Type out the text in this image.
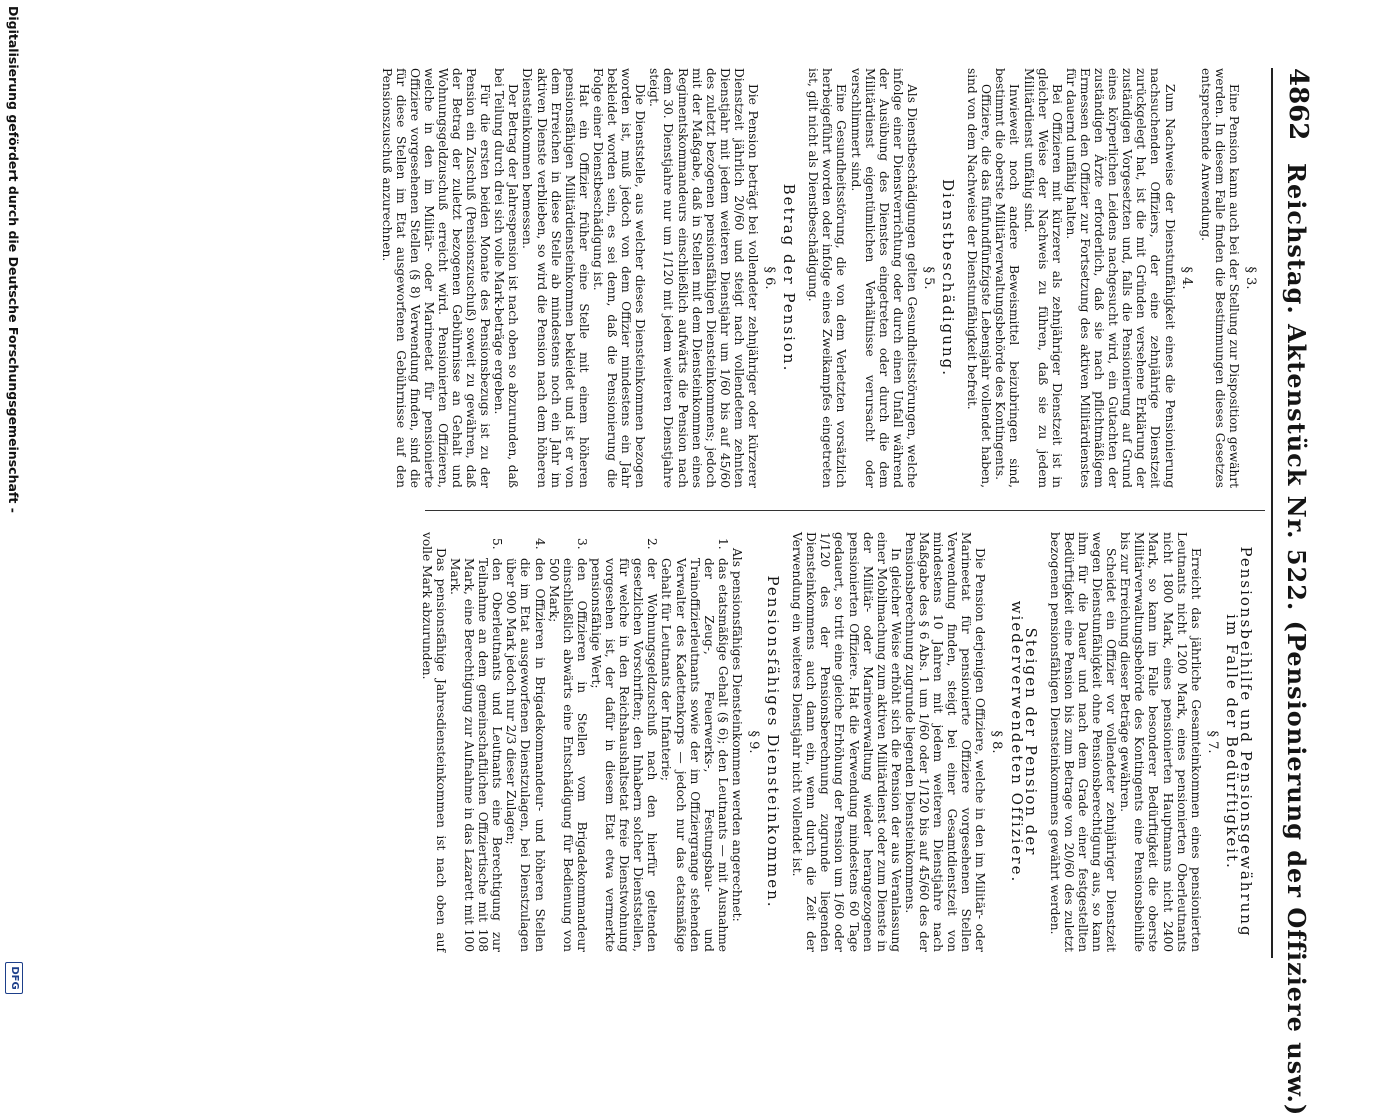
4862
Reichstag. Aktenstück Nr. 522. (Pensionierung der Offiziere usw.)
§ 3.

Eine Pension kann auch bei der Stellung zur Disposition gewährt werden. In diesem Falle finden die Bestimmungen dieses Gesetzes entsprechende Anwendung.

§ 4.

Zum Nachweise der Dienstunfähigkeit eines die Pensionierung nachsuchenden Offiziers, der eine zehnjährige Dienstzeit zurückgelegt hat, ist die mit Gründen versehene Erklärung der zuständigen Vorgesetzten und, falls die Pensionierung auf Grund eines körperlichen Leidens nachgesucht wird, ein Gutachten der zuständigen Ärzte erforderlich, daß sie nach pflichtmäßigem Ermessen den Offizier zur Fortsetzung des aktiven Militärdienstes für dauernd unfähig halten.

Bei Offizieren mit kürzerer als zehnjähriger Dienstzeit ist in gleicher Weise der Nachweis zu führen, daß sie zu jedem Militärdienst unfähig sind.

Inwieweit noch andere Beweismittel beizubringen sind, bestimmt die oberste Militärverwaltungsbehörde des Kontingents.

Offiziere, die das fünfundfünfzigste Lebensjahr vollendet haben, sind von dem Nachweise der Dienstunfähigkeit befreit.

Dienstbeschädigung.
§ 5.

Als Dienstbeschädigungen gelten Gesundheitsstörungen, welche infolge einer Dienstverrichtung oder durch einen Unfall während der Ausübung des Dienstes eingetreten oder durch die dem Militärdienst eigentümlichen Verhältnisse verursacht oder verschlimmert sind.

Eine Gesundheitsstörung, die von dem Verletzten vorsätzlich herbeigeführt worden oder infolge eines Zweikampfes eingetreten ist, gilt nicht als Dienstbeschädigung.

Betrag der Pension.
§ 6.

Die Pension beträgt bei vollendeter zehnjähriger oder kürzerer Dienstzeit jährlich 20/60 und steigt nach vollendetem zehnten Dienstjahr mit jedem weiteren Dienstjahr um 1/60 bis auf 45/60 des zuletzt bezogenen pensionsfähigen Diensteinkommens; jedoch mit der Maßgabe, daß in Stellen mit dem Diensteinkommen eines Regimentskommandeurs einschließlich aufwärts die Pension nach dem 30. Dienstjahre nur um 1/120 mit jedem weiteren Dienstjahre steigt.

Die Dienststelle, aus welcher dieses Diensteinkommen bezogen worden ist, muß jedoch von dem Offizier mindestens ein Jahr bekleidet worden sein, es sei denn, daß die Pensionierung die Folge einer Dienstbeschädigung ist.

Hat ein Offizier früher eine Stelle mit einem höheren pensionsfähigen Militärdiensteinkommen bekleidet und ist er von dem Erreichen in diese Stelle ab mindestens noch ein Jahr im aktiven Dienste verblieben, so wird die Pension nach dem höheren Diensteinkommen bemessen.

Der Betrag der Jahrespension ist nach oben so abzurunden, daß bei Teilung durch drei sich volle Mark-beträge ergeben.

Für die ersten beiden Monate des Pensionsbezugs ist zu der Pension ein Zuschuß (Pensionszuschuß) soweit zu gewähren, daß der Betrag der zuletzt bezogenen Gebührnisse an Gehalt und Wohnungsgeldzuschuß erreicht wird. Pensionierten Offizieren, welche in den im Militär- oder Marineetat für pensionierte Offiziere vorgesehenen Stellen (§ 8) Verwendung finden, sind die für diese Stellen im Etat ausgeworfenen Gebührnisse auf den Pensionszuschuß anzurechnen.

Pensionsbeihilfe und Pensionsgewährung im Falle der Bedürftigkeit.
§ 7.

Erreicht das jährliche Gesamteinkommen eines pensionierten Leutnants nicht 1200 Mark, eines pensionierten Oberleutnants nicht 1800 Mark, eines pensionierten Hauptmanns nicht 2400 Mark, so kann im Falle besonderer Bedürftigkeit die oberste Militärverwaltungsbehörde des Kontingents eine Pensionsbeihilfe bis zur Erreichung dieser Beträge gewähren.

Scheidet ein Offizier vor vollendeter zehnjähriger Dienstzeit wegen Dienstunfähigkeit ohne Pensionsberechtigung aus, so kann ihm für die Dauer und nach dem Grade einer festgestellten Bedürftigkeit eine Pension bis zum Betrage von 20/60 des zuletzt bezogenen pensionsfähigen Diensteinkommens gewährt werden.

Steigen der Pension der wiederverwendeten Offiziere.
§ 8.

Die Pension derjenigen Offiziere, welche in den im Militär- oder Marineetat für pensionierte Offiziere vorgesehenen Stellen Verwendung finden, steigt bei einer Gesamtdienstzeit von mindestens 10 Jahren mit jedem weiteren Dienstjahre nach Maßgabe des § 6 Abs. 1 um 1/60 oder 1/120 bis auf 45/60 des der Pensionsberechnung zugrunde liegenden Diensteinkommens.

In gleicher Weise erhöht sich die Pension der aus Veranlassung einer Mobilmachung zum aktiven Militärdienst oder zum Dienste in der Militär- oder Marineverwaltung wieder herangezogenen pensionierten Offiziere. Hat die Verwendung mindestens 60 Tage gedauert, so tritt eine gleiche Erhöhung der Pension um 1/60 oder 1/120 des der Pensionsberechnung zugrunde liegenden Diensteinkommens auch dann ein, wenn durch die Zeit der Verwendung ein weiteres Dienstjahr nicht vollendet ist.

Pensionsfähiges Diensteinkommen.
§ 9.

Als pensionsfähiges Diensteinkommen werden angerechnet:

1.
das etatsmäßige Gehalt (§ 6); den Leutnants — mit Ausnahme der Zeug-, Feuerwerks-, Festungsbau- und Trainoffizierleutnants sowie der im Offiziergrange stehenden Verwalter des Kadettenkorps — jedoch nur das etatsmäßige Gehalt für Leutnants der Infanterie;
2.
der Wohnungsgeldzuschuß nach den hierfür geltenden gesetzlichen Vorschriften; den Inhabern solcher Dienststellen, für welche in den Reichshaushaltsetat freie Dienstwohnung vorgesehen ist, der dafür in diesem Etat etwa vermerkte pensionsfähige Wert;
3.
den Offizieren in Stellen vom Brigadekommandeur einschließlich abwärts eine Entschädigung für Bedienung von 500 Mark;
4.
den Offizieren in Brigadekommandeur- und höheren Stellen die im Etat ausgeworfenen Dienstzulagen, bei Dienstzulagen über 900 Mark jedoch nur 2/3 dieser Zulagen;
5.
den Oberleutnants und Leutnants eine Berechtigung zur Teilnahme an dem gemeinschaftlichen Offiziertische mit 108 Mark, eine Berechtigung zur Aufnahme in das Lazarett mit 100 Mark.

Das pensionsfähige Jahresdiensteinkommen ist nach oben auf volle Mark abzurunden.

Digitalisierung gefördert durch die Deutsche Forschungsgemeinschaft -
DFG
